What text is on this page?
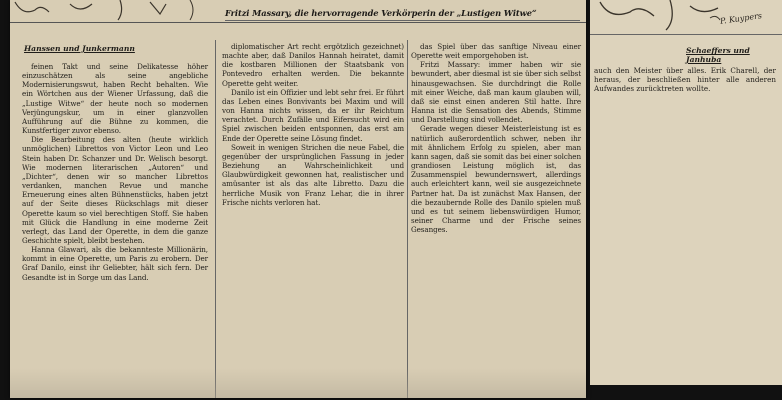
Fritzi Massary, die hervorragende Verkörperin der „Lustigen Witwe“
Hanssen und Junkermann

feinen Takt und seine Delikatesse höher einzuschätzen als seine angebliche Modernisierungswut, haben Recht behalten. Wie ein Wörtchen aus der Wiener Urfassung, daß die „Lustige Witwe“ der heute noch so modernen Verjüngungskur, um in einer glanzvollen Aufführung auf die Bühne zu kommen, die Kunstfertiger zuvor ebenso.

Die Bearbeitung des alten (heute wirklich unmöglichen) Librettos von Victor Leon und Leo Stein haben Dr. Schanzer und Dr. Welisch besorgt. Wie modernen literarischen „Autoren“ und „Dichter“, denen wir so mancher Librettos verdanken, manchen Revue und manche Erneuerung eines alten Bühnenstücks, haben jetzt auf der Seite dieses Rückschlags mit dieser Operette kaum so viel berechtigen Stoff. Sie haben mit Glück die Handlung in eine moderne Zeit verlegt, das Land der Operette, in dem die ganze Geschichte spielt, bleibt bestehen.

Hanna Glawari, als die bekannteste Millionärin, kommt in eine Operette, um Paris zu erobern. Der Graf Danilo, einst ihr Geliebter, hält sich fern. Der Gesandte ist in Sorge um das Land.

diplomatischer Art recht ergötzlich gezeichnet) machte aber, daß Danilos Hannah heiratet, damit die kostbaren Millionen der Staatsbank von Pontevedro erhalten werden. Die bekannte Operette geht weiter.

Danilo ist ein Offizier und lebt sehr frei. Er führt das Leben eines Bonvivants bei Maxim und will von Hanna nichts wissen, da er ihr Reichtum verachtet. Durch Zufälle und Eifersucht wird ein Spiel zwischen beiden entsponnen, das erst am Ende der Operette seine Lösung findet.

Soweit in wenigen Strichen die neue Fabel, die gegenüber der ursprünglichen Fassung in jeder Beziehung an Wahrscheinlichkeit und Glaubwürdigkeit gewonnen hat, realistischer und amüsanter ist als das alte Libretto. Dazu die herrliche Musik von Franz Lehar, die in ihrer Frische nichts verloren hat.

das Spiel über das sanftige Niveau einer Operette weit emporgehoben ist.

Fritzi Massary: immer haben wir sie bewundert, aber diesmal ist sie über sich selbst hinausgewachsen. Sie durchdringt die Rolle mit einer Weiche, daß man kaum glauben will, daß sie einst einen anderen Stil hatte. Ihre Hanna ist die Sensation des Abends, Stimme und Darstellung sind vollendet.

Gerade wegen dieser Meisterleistung ist es natürlich außerordentlich schwer, neben ihr mit ähnlichem Erfolg zu spielen, aber man kann sagen, daß sie somit das bei einer solchen grandiosen Leistung möglich ist, das Zusammenspiel bewundernswert, allerdings auch erleichtert kann, weil sie ausgezeichnete Partner hat. Da ist zunächst Max Hansen, der die bezaubernde Rolle des Danilo spielen muß und es tut seinem liebenswürdigen Humor, seiner Charme und der Frische seines Gesanges.

P. Kuypers
Schaeffers und Janhuba

auch den Meister über alles. Erik Charell, der heraus, der beschließen hinter alle anderen Aufwandes zurücktreten wollte.
